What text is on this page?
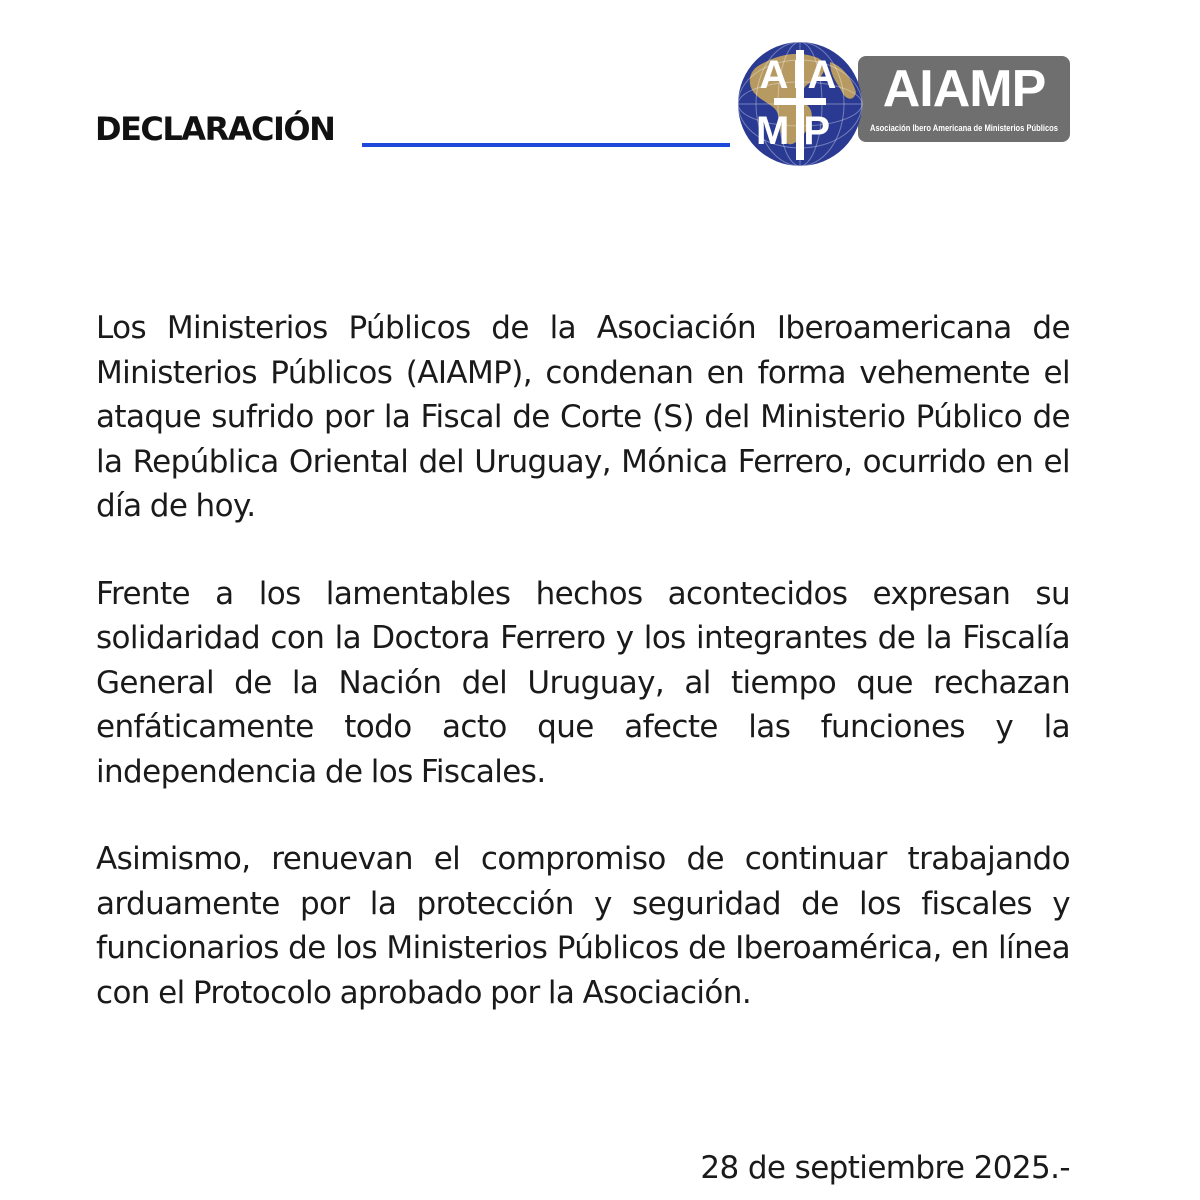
DECLARACIÓN
AIAMP
Asociación Ibero Americana de Ministerios Públicos
AIA
MP

Los Ministerios Públicos de la Asociación Iberoamericana de Ministerios Públicos (AIAMP), condenan en forma vehemente el ataque sufrido por la Fiscal de Corte (S) del Ministerio Público de la República Oriental del Uruguay, Mónica Ferrero, ocurrido en el día de hoy.

Frente a los lamentables hechos acontecidos expresan su solidaridad con la Doctora Ferrero y los integrantes de la Fiscalía General de la Nación del Uruguay, al tiempo que rechazan enfáticamente todo acto que afecte las funciones y la independencia de los Fiscales.

Asimismo, renuevan el compromiso de continuar trabajando arduamente por la protección y seguridad de los fiscales y funcionarios de los Ministerios Públicos de Iberoamérica, en línea con el Protocolo aprobado por la Asociación.

28 de septiembre 2025.-
